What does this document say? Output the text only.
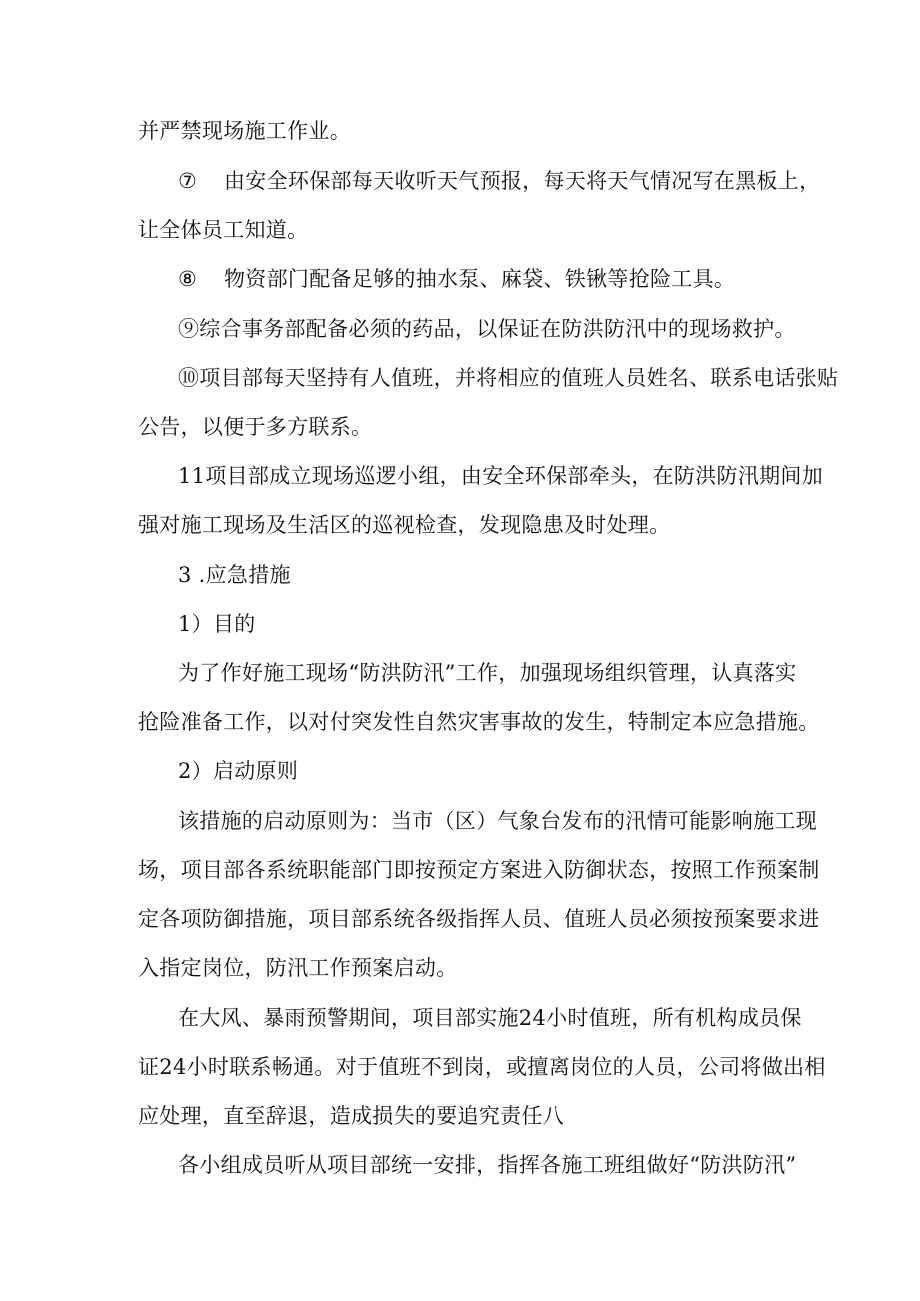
并严禁现场施工作业。
⑦ 由安全环保部每天收听天气预报，每天将天气情况写在黑板上，
让全体员工知道。
⑧ 物资部门配备足够的抽水泵、麻袋、铁锹等抢险工具。
⑨综合事务部配备必须的药品，以保证在防洪防汛中的现场救护。
⑩项目部每天坚持有人值班，并将相应的值班人员姓名、联系电话张贴
公告，以便于多方联系。
11项目部成立现场巡逻小组，由安全环保部牵头，在防洪防汛期间加
强对施工现场及生活区的巡视检查，发现隐患及时处理。
3 .应急措施
1）目的
为了作好施工现场“防洪防汛”工作，加强现场组织管理，认真落实
抢险准备工作，以对付突发性自然灾害事故的发生，特制定本应急措施。
2）启动原则
该措施的启动原则为：当市（区）气象台发布的汛情可能影响施工现
场，项目部各系统职能部门即按预定方案进入防御状态，按照工作预案制
定各项防御措施，项目部系统各级指挥人员、值班人员必须按预案要求进
入指定岗位，防汛工作预案启动。
在大风、暴雨预警期间，项目部实施24小时值班，所有机构成员保
证24小时联系畅通。对于值班不到岗，或擅离岗位的人员，公司将做出相
应处理，直至辞退，造成损失的要追究责任八
各小组成员听从项目部统一安排，指挥各施工班组做好“防洪防汛”
